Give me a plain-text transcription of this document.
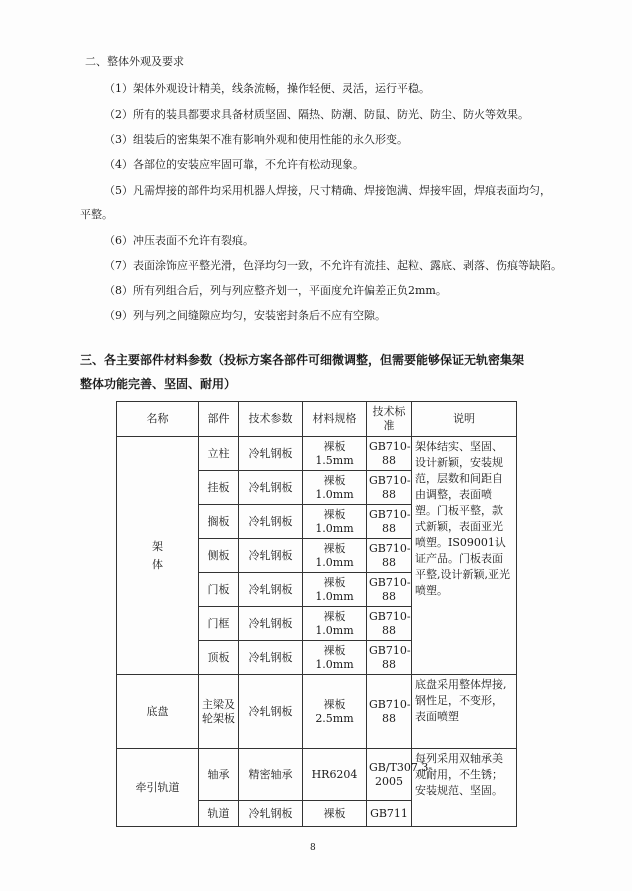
二、整体外观及要求
（1）架体外观设计精美，线条流畅，操作轻便、灵活，运行平稳。
（2）所有的装具都要求具备材质坚固、隔热、防潮、防鼠、防光、防尘、防火等效果。
（3）组装后的密集架不准有影响外观和使用性能的永久形变。
（4）各部位的安装应牢固可靠，不允许有松动现象。
（5）凡需焊接的部件均采用机器人焊接，尺寸精确、焊接饱满、焊接牢固，焊痕表面均匀，
平整。
（6）冲压表面不允许有裂痕。
（7）表面涂饰应平整光滑，色泽均匀一致，不允许有流挂、起粒、露底、剥落、伤痕等缺陷。
（8）所有列组合后，列与列应整齐划一，平面度允许偏差正负2mm。
（9）列与列之间缝隙应均匀，安装密封条后不应有空隙。
三、各主要部件材料参数（投标方案各部件可细微调整，但需要能够保证无轨密集架
整体功能完善、坚固、耐用）
名称	部件	技术参数	材料规格	技术标准	说明
架
体	立柱	冷轧钢板	裸板1.5mm	GB710-88	架体结实、坚固、设计新颖，安装规范，层数和间距自由调整，表面喷塑。门板平整，款式新颖，表面亚光喷塑。IS09001认证产品。门板表面平整,设计新颖,亚光喷塑。
	挂板	冷轧钢板	裸板1.0mm	GB710-88	
	搁板	冷轧钢板	裸板1.0mm	GB710-88	
	侧板	冷轧钢板	裸板1.0mm	GB710-88	
	门板	冷轧钢板	裸板1.0mm	GB710-88	
	门框	冷轧钢板	裸板1.0mm	GB710-88	
	顶板	冷轧钢板	裸板1.0mm	GB710-88	
底盘	主梁及轮架板	冷轧钢板	裸板2.5mm	GB710-88	底盘采用整体焊接,钢性足，不变形，表面喷塑
牵引轨道	轴承	精密轴承	HR6204	GB/T307.3-2005	每列采用双轴承美观耐用，不生锈；安装规范、坚固。
	轨道	冷轧钢板	裸板	GB711	
8
